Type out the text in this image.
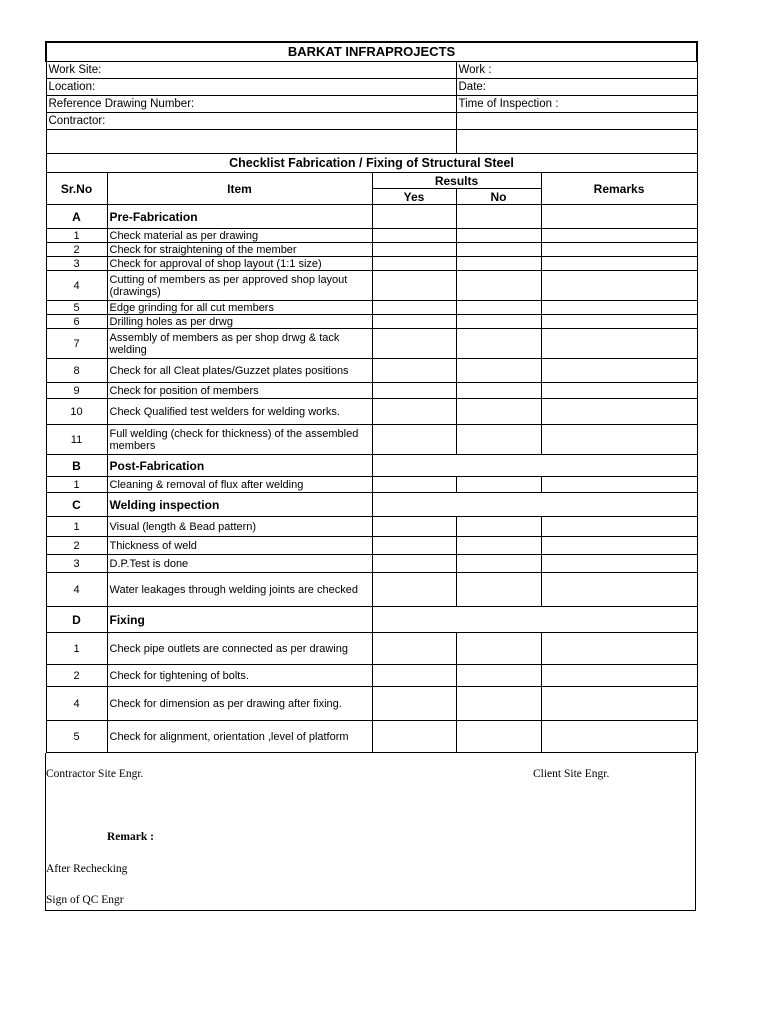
BARKAT INFRAPROJECTS				
Work Site:			Work :	
Location:			Date:	
Reference Drawing Number:			Time of Inspection :	
Contractor:				

Checklist Fabrication / Fixing of Structural Steel				
Sr.No	Item	Results		Remarks
		Yes	No	
A	Pre-Fabrication			
1	Check material as per drawing			
2	Check for straightening of the member			
3	Check for approval of shop layout (1:1 size)			
4	Cutting of members as per approved shop layout (drawings)			
5	Edge grinding for all cut members			
6	Drilling holes as per drwg			
7	Assembly of members as per shop drwg & tack welding			
8	Check for all Cleat plates/Guzzet plates positions			
9	Check for position of members			
10	Check Qualified test welders for welding works.			
11	Full welding (check for thickness) of the assembled members			
B	Post-Fabrication			
1	Cleaning & removal of flux after welding			
C	Welding inspection			
1	Visual (length & Bead pattern)			
2	Thickness of weld			
3	D.P.Test is done			
4	Water leakages through welding joints are checked			
D	Fixing			
1	Check pipe outlets are connected as per drawing			
2	Check for tightening of bolts.			
4	Check for dimension as per drawing after fixing.			
5	Check for alignment, orientation ,level of platform			
Contractor Site Engr.	Client Site Engr.
Remark :
After Rechecking
Sign of QC Engr
